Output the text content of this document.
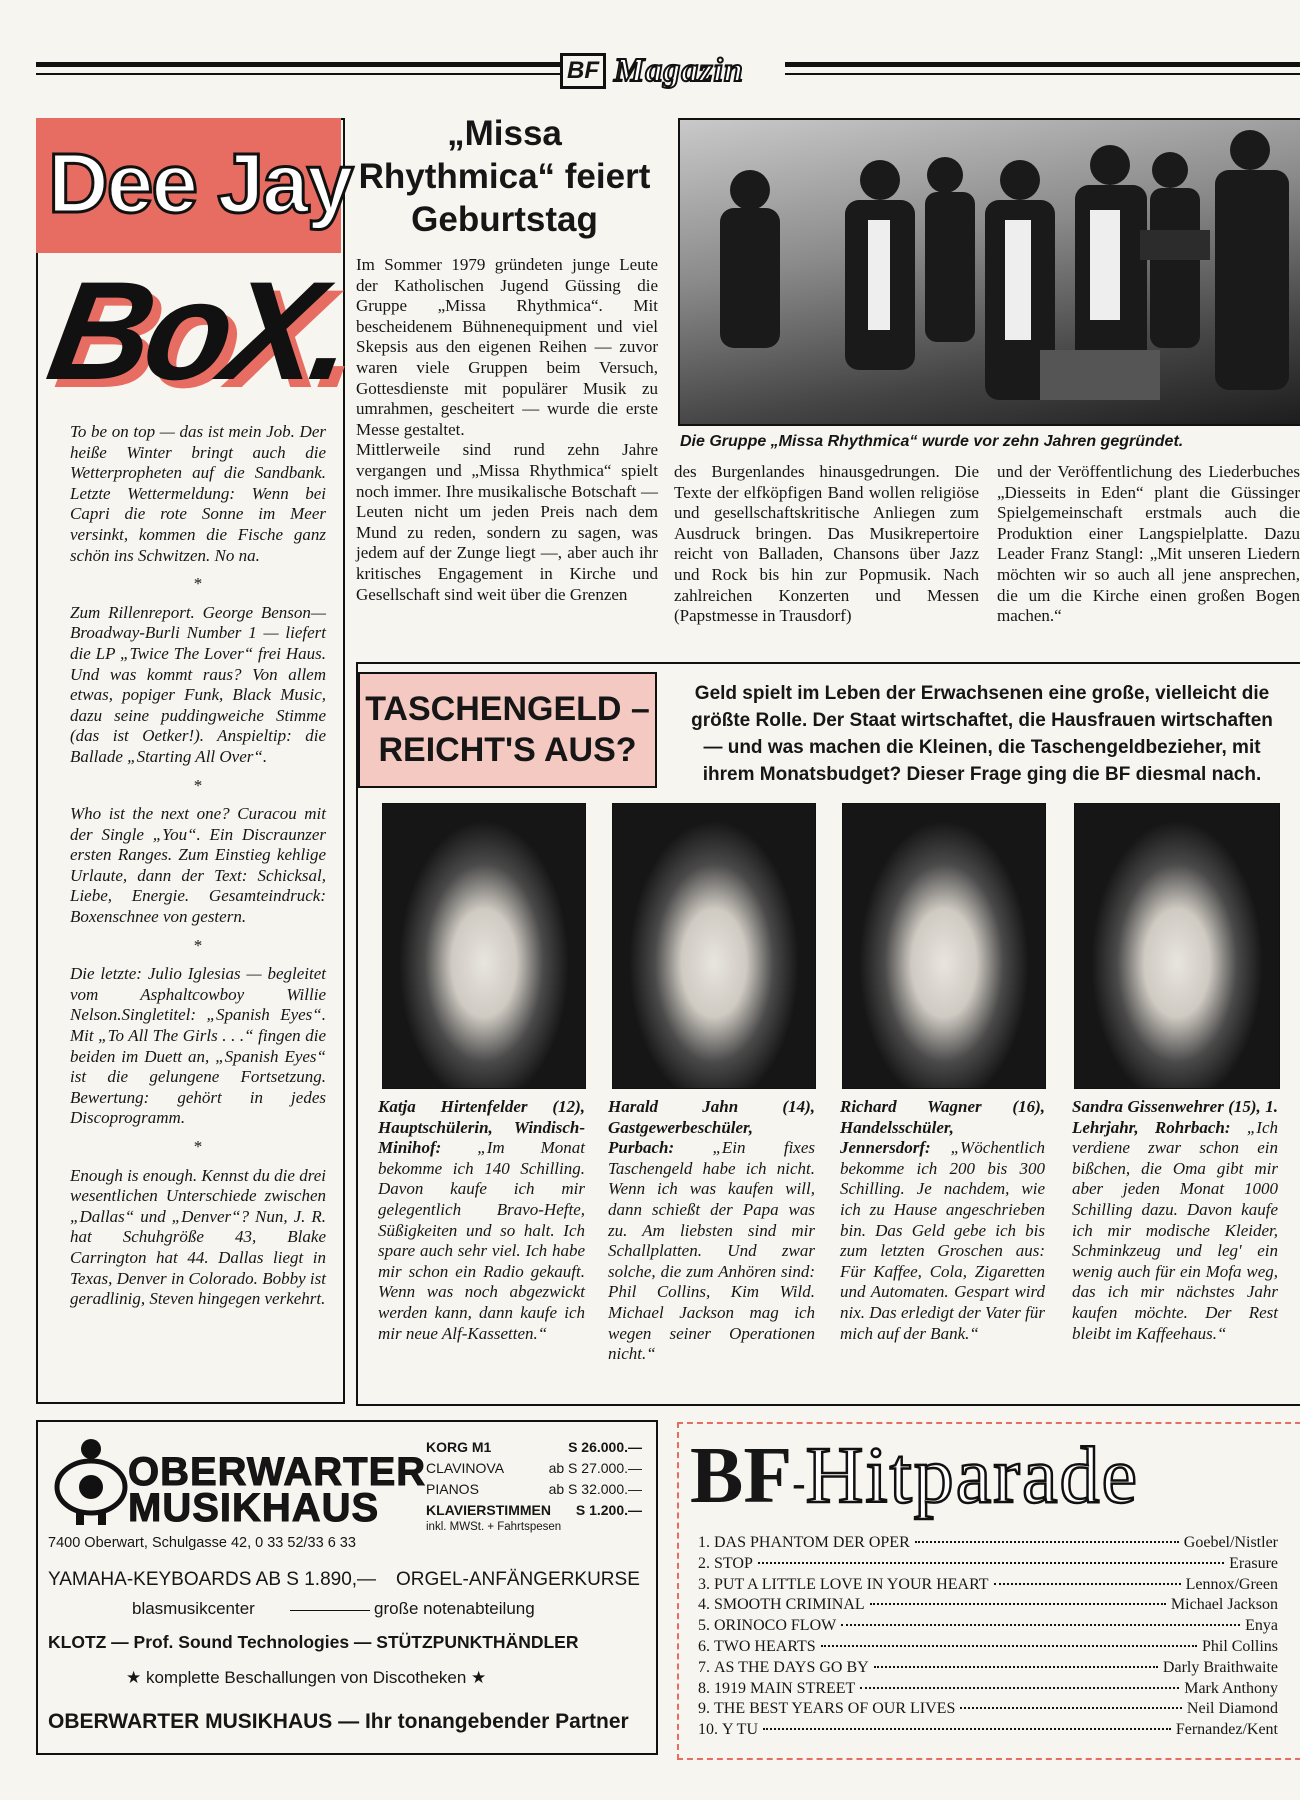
BF Magazin
Dee Jay
BoX.

To be on top — das ist mein Job. Der heiße Winter bringt auch die Wetterpropheten auf die Sandbank. Letzte Wettermeldung: Wenn bei Capri die rote Sonne im Meer versinkt, kommen die Fische ganz schön ins Schwitzen. No na.

*

Zum Rillenreport. George Benson— Broadway-Burli Number 1 — liefert die LP „Twice The Lover“ frei Haus. Und was kommt raus? Von allem etwas, popiger Funk, Black Music, dazu seine puddingweiche Stimme (das ist Oetker!). Anspieltip: die Ballade „Starting All Over“.

*

Who ist the next one? Curacou mit der Single „You“. Ein Discraunzer ersten Ranges. Zum Einstieg kehlige Urlaute, dann der Text: Schicksal, Liebe, Energie. Gesamteindruck: Boxenschnee von gestern.

*

Die letzte: Julio Iglesias — begleitet vom Asphaltcowboy Willie Nelson.Singletitel: „Spanish Eyes“. Mit „To All The Girls . . .“ fingen die beiden im Duett an, „Spanish Eyes“ ist die gelungene Fortsetzung. Bewertung: gehört in jedes Discoprogramm.

*

Enough is enough. Kennst du die drei wesentlichen Unterschiede zwischen „Dallas“ und „Denver“? Nun, J. R. hat Schuhgröße 43, Blake Carrington hat 44. Dallas liegt in Texas, Denver in Colorado. Bobby ist geradlinig, Steven hingegen verkehrt.

„Missa Rhythmica“ feiert Geburtstag
Im Sommer 1979 gründeten junge Leute der Katholischen Jugend Güssing die Gruppe „Missa Rhythmica“. Mit bescheidenem Bühnenequipment und viel Skepsis aus den eigenen Reihen — zuvor waren viele Gruppen beim Versuch, Gottesdienste mit populärer Musik zu umrahmen, gescheitert — wurde die erste Messe gestaltet.
Mittlerweile sind rund zehn Jahre vergangen und „Missa Rhythmica“ spielt noch immer. Ihre musikalische Botschaft — Leuten nicht um jeden Preis nach dem Mund zu reden, sondern zu sagen, was jedem auf der Zunge liegt —, aber auch ihr kritisches Engagement in Kirche und Gesellschaft sind weit über die Grenzen
Die Gruppe „Missa Rhythmica“ wurde vor zehn Jahren gegründet.
des Burgenlandes hinausgedrungen. Die Texte der elfköpfigen Band wollen religiöse und gesellschaftskritische Anliegen zum Ausdruck bringen. Das Musikrepertoire reicht von Balladen, Chansons über Jazz und Rock bis hin zur Popmusik. Nach zahlreichen Konzerten und Messen (Papstmesse in Trausdorf)
und der Veröffentlichung des Liederbuches „Diesseits in Eden“ plant die Güssinger Spielgemeinschaft erstmals auch die Produktion einer Langspielplatte. Dazu Leader Franz Stangl: „Mit unseren Liedern möchten wir so auch all jene ansprechen, die um die Kirche einen großen Bogen machen.“
TASCHENGELD – REICHT'S AUS?
Geld spielt im Leben der Erwachsenen eine große, vielleicht die größte Rolle. Der Staat wirtschaftet, die Hausfrauen wirtschaften — und was machen die Kleinen, die Taschengeldbezieher, mit ihrem Monatsbudget? Dieser Frage ging die BF diesmal nach.
Katja Hirtenfelder (12), Hauptschülerin, Windisch-Minihof: „Im Monat bekomme ich 140 Schilling. Davon kaufe ich mir gelegentlich Bravo-Hefte, Süßigkeiten und so halt. Ich spare auch sehr viel. Ich habe mir schon ein Radio gekauft. Wenn was noch abgezwickt werden kann, dann kaufe ich mir neue Alf-Kassetten.“
Harald Jahn (14), Gastgewerbeschüler, Purbach: „Ein fixes Taschengeld habe ich nicht. Wenn ich was kaufen will, dann schießt der Papa was zu. Am liebsten sind mir Schallplatten. Und zwar solche, die zum Anhören sind: Phil Collins, Kim Wild. Michael Jackson mag ich wegen seiner Operationen nicht.“
Richard Wagner (16), Handelsschüler, Jennersdorf: „Wöchentlich bekomme ich 200 bis 300 Schilling. Je nachdem, wie ich zu Hause angeschrieben bin. Das Geld gebe ich bis zum letzten Groschen aus: Für Kaffee, Cola, Zigaretten und Automaten. Gespart wird nix. Das erledigt der Vater für mich auf der Bank.“
Sandra Gissenwehrer (15), 1. Lehrjahr, Rohrbach: „Ich verdiene zwar schon ein bißchen, die Oma gibt mir aber jeden Monat 1000 Schilling dazu. Davon kaufe ich mir modische Kleider, Schminkzeug und leg' ein wenig auch für ein Mofa weg, das ich mir nächstes Jahr kaufen möchte. Der Rest bleibt im Kaffeehaus.“
OBERWARTER
MUSIKHAUS
7400 Oberwart, Schulgasse 42, 0 33 52/33 6 33
KORG M1	S 26.000.—
CLAVINOVA	ab S 27.000.—
PIANOS	ab S 32.000.—
KLAVIERSTIMMEN S 1.200.—
inkl. MWSt. + Fahrtspesen
YAMAHA-KEYBOARDS AB S 1.890,— ORGEL-ANFÄNGERKURSE
blasmusikcenter	große notenabteilung
KLOTZ — Prof. Sound Technologies — STÜTZPUNKTHÄNDLER
★ komplette Beschallungen von Discotheken ★
OBERWARTER MUSIKHAUS — Ihr tonangebender Partner
BF-Hitparade
1.
DAS PHANTOM DER OPER	Goebel/Nistler
2.
STOP	Erasure
3.
PUT A LITTLE LOVE IN YOUR HEART	Lennox/Green
4.
SMOOTH CRIMINAL	Michael Jackson
5.
ORINOCO FLOW	Enya
6.
TWO HEARTS	Phil Collins
7.
AS THE DAYS GO BY	Darly Braithwaite
8.
1919 MAIN STREET	Mark Anthony
9.
THE BEST YEARS OF OUR LIVES	Neil Diamond
10.
Y TU	Fernandez/Kent
